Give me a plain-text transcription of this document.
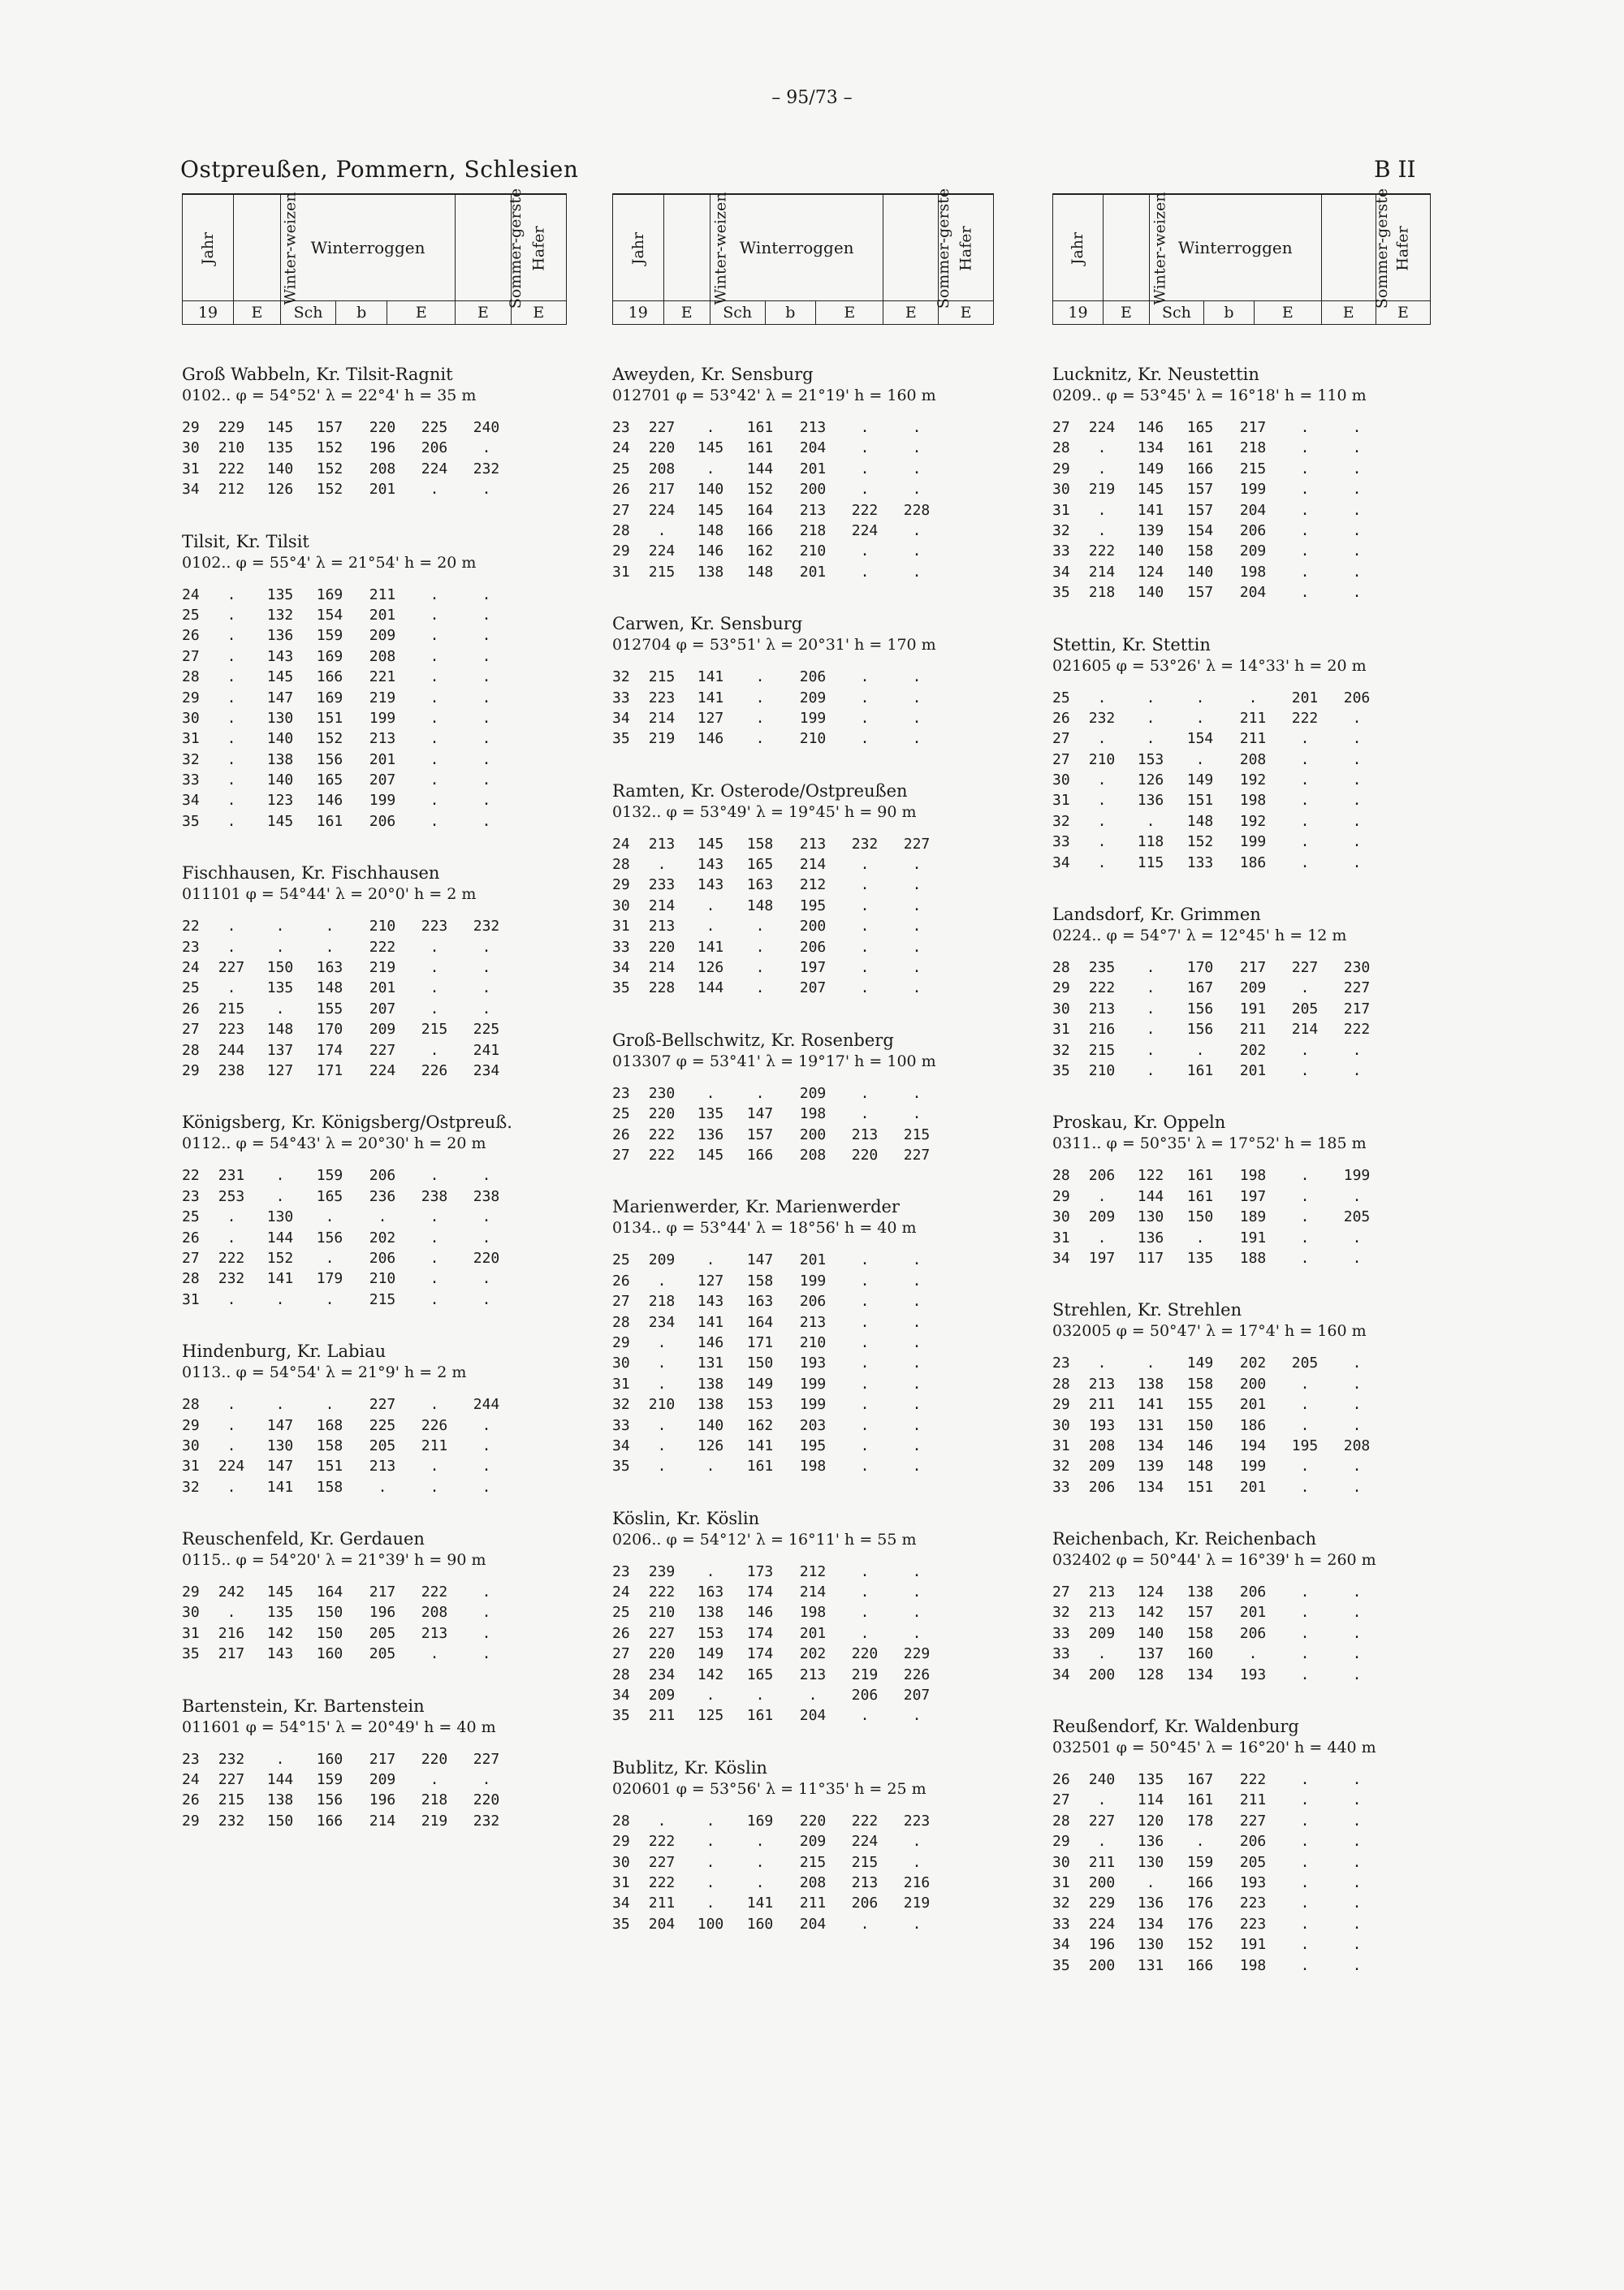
– 95/73 –
Ostpreußen, Pommern, Schlesien	B II
Jahr	Winter-weizen	Winterroggen			Sommer-gerste	Hafer
19	E	Sch	b	E	E	E
Groß Wabbeln, Kr. Tilsit-Ragnit
0102.. φ = 54°52' λ = 22°4' h = 35 m
29	229	145	157	220	225	240
30	210	135	152	196	206	.
31	222	140	152	208	224	232
34	212	126	152	201	.	.
Tilsit, Kr. Tilsit
0102.. φ = 55°4' λ = 21°54' h = 20 m
24	.	135	169	211	.	.
25	.	132	154	201	.	.
26	.	136	159	209	.	.
27	.	143	169	208	.	.
28	.	145	166	221	.	.
29	.	147	169	219	.	.
30	.	130	151	199	.	.
31	.	140	152	213	.	.
32	.	138	156	201	.	.
33	.	140	165	207	.	.
34	.	123	146	199	.	.
35	.	145	161	206	.	.
Fischhausen, Kr. Fischhausen
011101 φ = 54°44' λ = 20°0' h = 2 m
22	.	.	.	210	223	232
23	.	.	.	222	.	.
24	227	150	163	219	.	.
25	.	135	148	201	.	.
26	215	.	155	207	.	.
27	223	148	170	209	215	225
28	244	137	174	227	.	241
29	238	127	171	224	226	234
Königsberg, Kr. Königsberg/Ostpreuß.
0112.. φ = 54°43' λ = 20°30' h = 20 m
22	231	.	159	206	.	.
23	253	.	165	236	238	238
25	.	130	.	.	.	.
26	.	144	156	202	.	.
27	222	152	.	206	.	220
28	232	141	179	210	.	.
31	.	.	.	215	.	.
Hindenburg, Kr. Labiau
0113.. φ = 54°54' λ = 21°9' h = 2 m
28	.	.	.	227	.	244
29	.	147	168	225	226	.
30	.	130	158	205	211	.
31	224	147	151	213	.	.
32	.	141	158	.	.	.
Reuschenfeld, Kr. Gerdauen
0115.. φ = 54°20' λ = 21°39' h = 90 m
29	242	145	164	217	222	.
30	.	135	150	196	208	.
31	216	142	150	205	213	.
35	217	143	160	205	.	.
Bartenstein, Kr. Bartenstein
011601 φ = 54°15' λ = 20°49' h = 40 m
23	232	.	160	217	220	227
24	227	144	159	209	.	.
26	215	138	156	196	218	220
29	232	150	166	214	219	232
Jahr	Winter-weizen	Winterroggen			Sommer-gerste	Hafer
19	E	Sch	b	E	E	E
Aweyden, Kr. Sensburg
012701 φ = 53°42' λ = 21°19' h = 160 m
23	227	.	161	213	.	.
24	220	145	161	204	.	.
25	208	.	144	201	.	.
26	217	140	152	200	.	.
27	224	145	164	213	222	228
28	.	148	166	218	224	.
29	224	146	162	210	.	.
31	215	138	148	201	.	.
Carwen, Kr. Sensburg
012704 φ = 53°51' λ = 20°31' h = 170 m
32	215	141	.	206	.	.
33	223	141	.	209	.	.
34	214	127	.	199	.	.
35	219	146	.	210	.	.
Ramten, Kr. Osterode/Ostpreußen
0132.. φ = 53°49' λ = 19°45' h = 90 m
24	213	145	158	213	232	227
28	.	143	165	214	.	.
29	233	143	163	212	.	.
30	214	.	148	195	.	.
31	213	.	.	200	.	.
33	220	141	.	206	.	.
34	214	126	.	197	.	.
35	228	144	.	207	.	.
Groß-Bellschwitz, Kr. Rosenberg
013307 φ = 53°41' λ = 19°17' h = 100 m
23	230	.	.	209	.	.
25	220	135	147	198	.	.
26	222	136	157	200	213	215
27	222	145	166	208	220	227
Marienwerder, Kr. Marienwerder
0134.. φ = 53°44' λ = 18°56' h = 40 m
25	209	.	147	201	.	.
26	.	127	158	199	.	.
27	218	143	163	206	.	.
28	234	141	164	213	.	.
29	.	146	171	210	.	.
30	.	131	150	193	.	.
31	.	138	149	199	.	.
32	210	138	153	199	.	.
33	.	140	162	203	.	.
34	.	126	141	195	.	.
35	.	.	161	198	.	.
Köslin, Kr. Köslin
0206.. φ = 54°12' λ = 16°11' h = 55 m
23	239	.	173	212	.	.
24	222	163	174	214	.	.
25	210	138	146	198	.	.
26	227	153	174	201	.	.
27	220	149	174	202	220	229
28	234	142	165	213	219	226
34	209	.	.	.	206	207
35	211	125	161	204	.	.
Bublitz, Kr. Köslin
020601 φ = 53°56' λ = 11°35' h = 25 m
28	.	.	169	220	222	223
29	222	.	.	209	224	.
30	227	.	.	215	215	.
31	222	.	.	208	213	216
34	211	.	141	211	206	219
35	204	100	160	204	.	.
Jahr	Winter-weizen	Winterroggen			Sommer-gerste	Hafer
19	E	Sch	b	E	E	E
Lucknitz, Kr. Neustettin
0209.. φ = 53°45' λ = 16°18' h = 110 m
27	224	146	165	217	.	.
28	.	134	161	218	.	.
29	.	149	166	215	.	.
30	219	145	157	199	.	.
31	.	141	157	204	.	.
32	.	139	154	206	.	.
33	222	140	158	209	.	.
34	214	124	140	198	.	.
35	218	140	157	204	.	.
Stettin, Kr. Stettin
021605 φ = 53°26' λ = 14°33' h = 20 m
25	.	.	.	.	201	206
26	232	.	.	211	222	.
27	.	.	154	211	.	.
27	210	153	.	208	.	.
30	.	126	149	192	.	.
31	.	136	151	198	.	.
32	.	.	148	192	.	.
33	.	118	152	199	.	.
34	.	115	133	186	.	.
Landsdorf, Kr. Grimmen
0224.. φ = 54°7' λ = 12°45' h = 12 m
28	235	.	170	217	227	230
29	222	.	167	209	.	227
30	213	.	156	191	205	217
31	216	.	156	211	214	222
32	215	.	.	202	.	.
35	210	.	161	201	.	.
Proskau, Kr. Oppeln
0311.. φ = 50°35' λ = 17°52' h = 185 m
28	206	122	161	198	.	199
29	.	144	161	197	.	.
30	209	130	150	189	.	205
31	.	136	.	191	.	.
34	197	117	135	188	.	.
Strehlen, Kr. Strehlen
032005 φ = 50°47' λ = 17°4' h = 160 m
23	.	.	149	202	205	.
28	213	138	158	200	.	.
29	211	141	155	201	.	.
30	193	131	150	186	.	.
31	208	134	146	194	195	208
32	209	139	148	199	.	.
33	206	134	151	201	.	.
Reichenbach, Kr. Reichenbach
032402 φ = 50°44' λ = 16°39' h = 260 m
27	213	124	138	206	.	.
32	213	142	157	201	.	.
33	209	140	158	206	.	.
33	.	137	160	.	.	.
34	200	128	134	193	.	.
Reußendorf, Kr. Waldenburg
032501 φ = 50°45' λ = 16°20' h = 440 m
26	240	135	167	222	.	.
27	.	114	161	211	.	.
28	227	120	178	227	.	.
29	.	136	.	206	.	.
30	211	130	159	205	.	.
31	200	.	166	193	.	.
32	229	136	176	223	.	.
33	224	134	176	223	.	.
34	196	130	152	191	.	.
35	200	131	166	198	.	.
